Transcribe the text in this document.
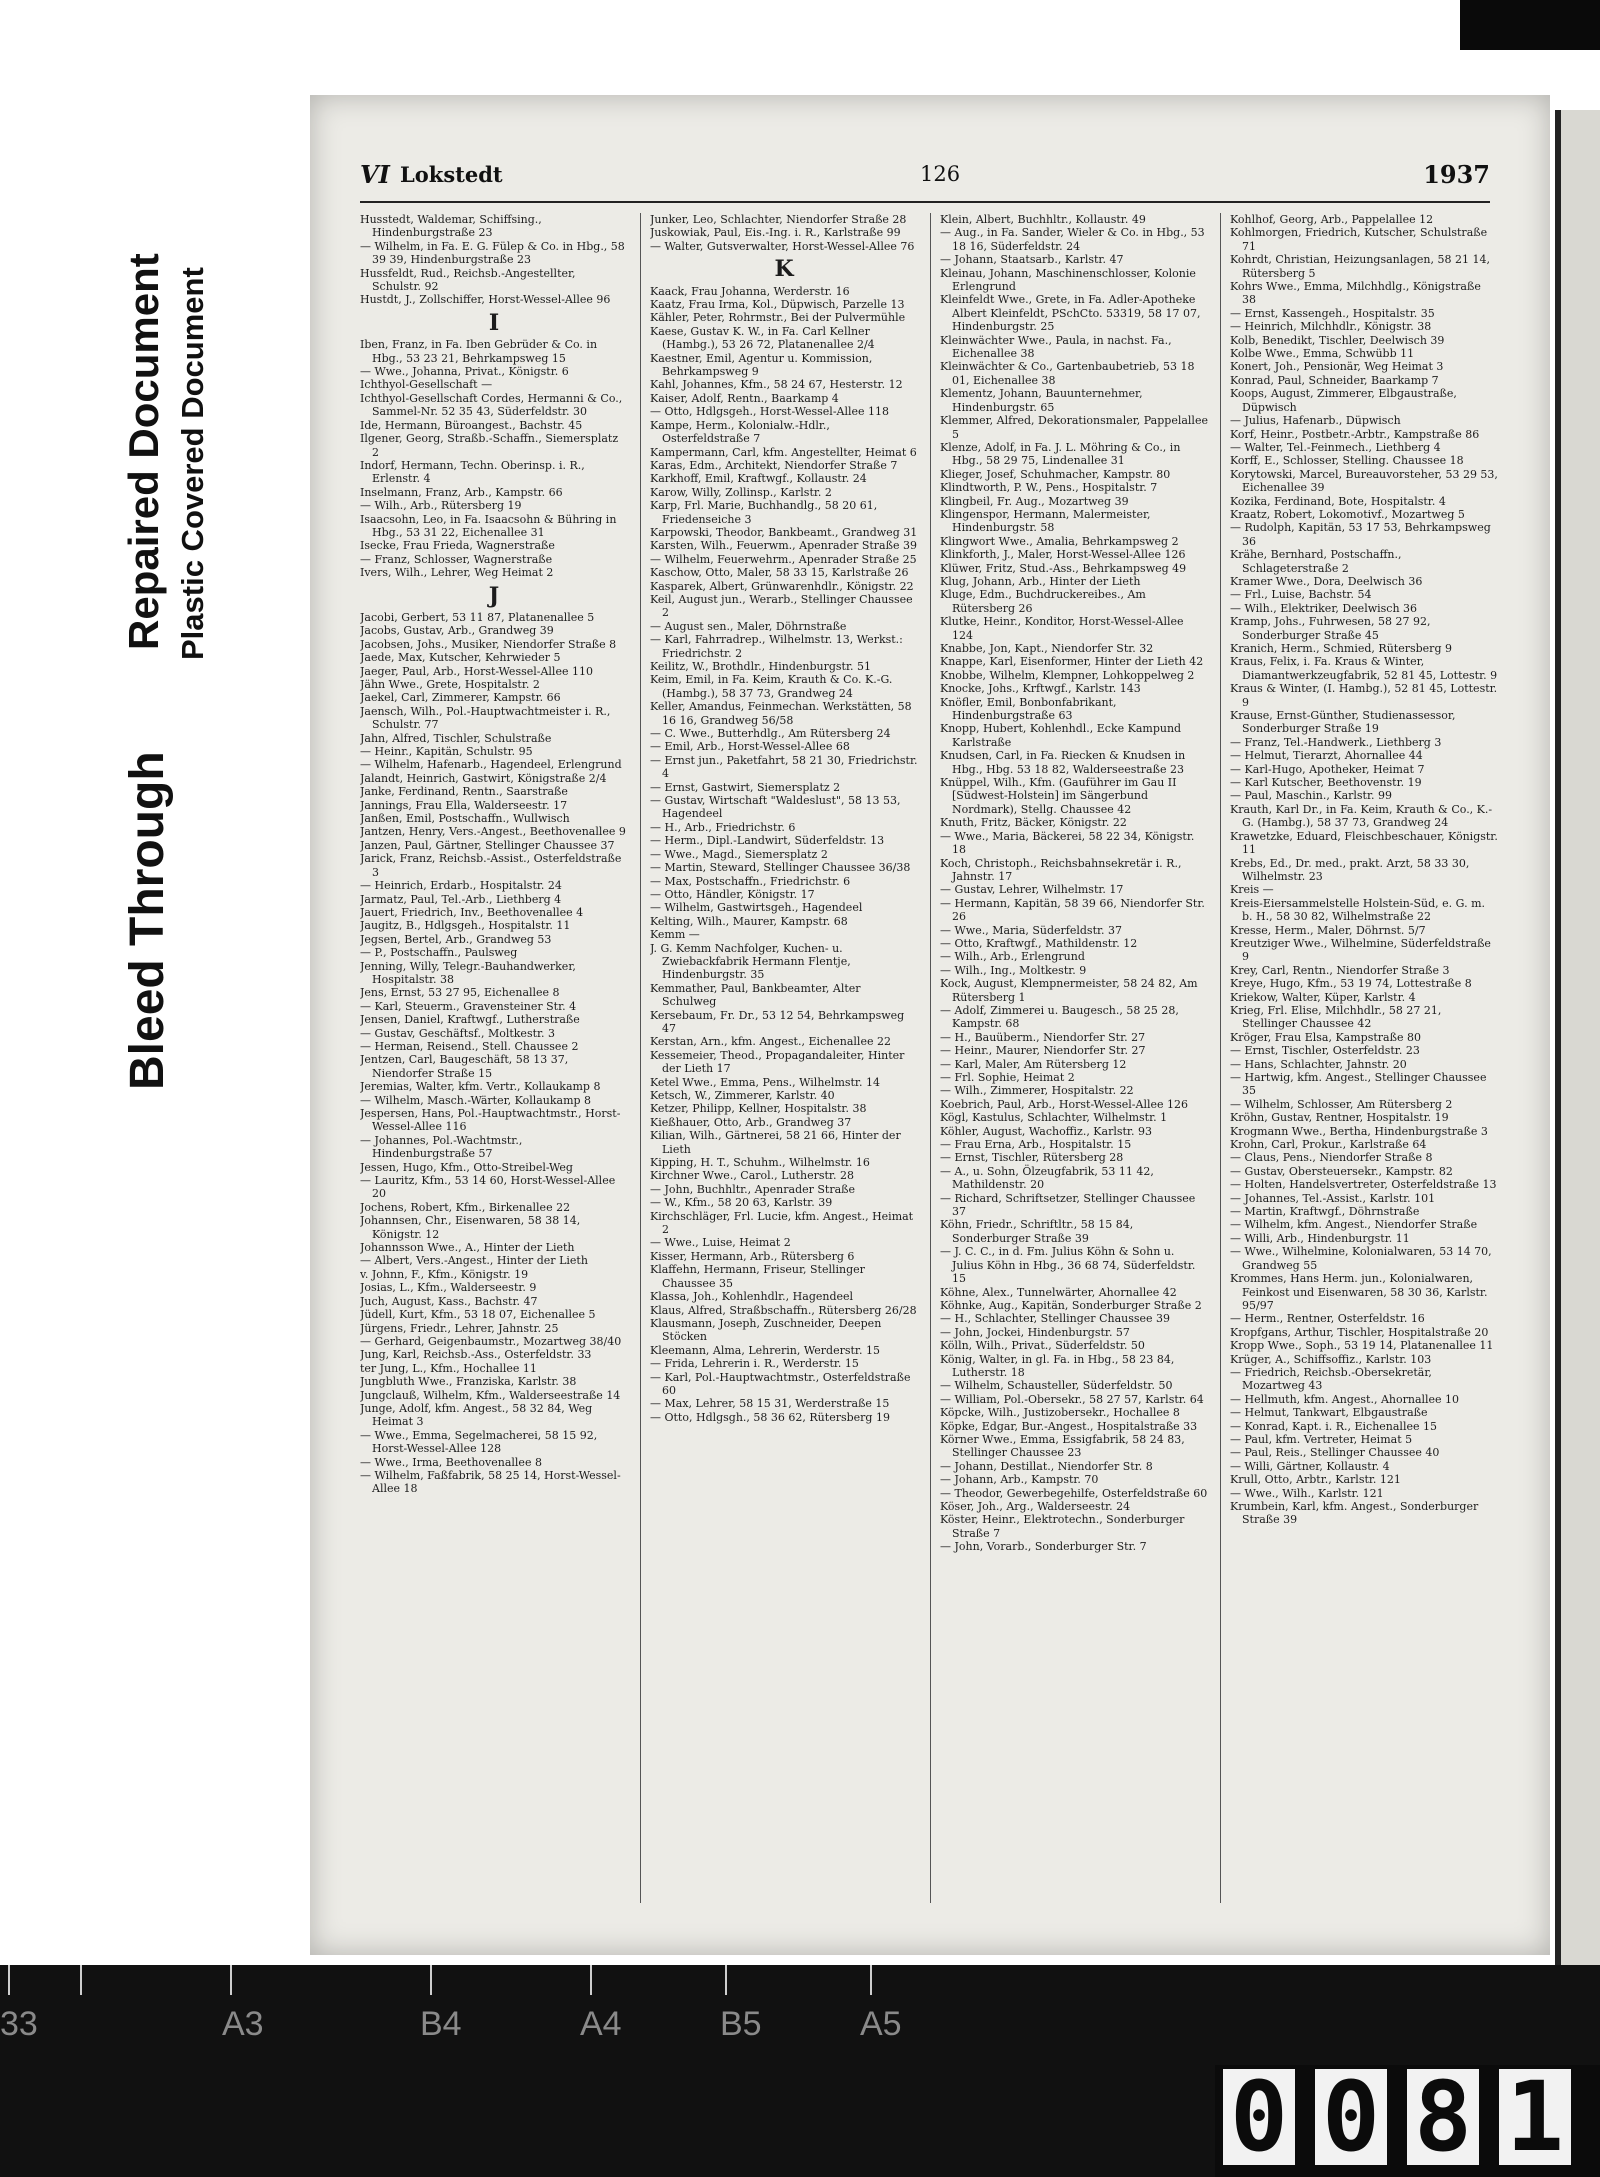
Bleed Through
Repaired Document Plastic Covered Document
VI Lokstedt	126	1937

Husstedt, Waldemar, Schiffsing., Hindenburgstraße 23

— Wilhelm, in Fa. E. G. Fülep & Co. in Hbg., 58 39 39, Hindenburgstraße 23

Hussfeldt, Rud., Reichsb.-Angestellter, Schulstr. 92

Hustdt, J., Zollschiffer, Horst-Wessel-Allee 96

I

Iben, Franz, in Fa. Iben Gebrüder & Co. in Hbg., 53 23 21, Behrkampsweg 15

— Wwe., Johanna, Privat., Königstr. 6

Ichthyol-Gesellschaft —

Ichthyol-Gesellschaft Cordes, Hermanni & Co., Sammel-Nr. 52 35 43, Süderfeldstr. 30

Ide, Hermann, Büroangest., Bachstr. 45

Ilgener, Georg, Straßb.-Schaffn., Siemersplatz 2

Indorf, Hermann, Techn. Oberinsp. i. R., Erlenstr. 4

Inselmann, Franz, Arb., Kampstr. 66

— Wilh., Arb., Rütersberg 19

Isaacsohn, Leo, in Fa. Isaacsohn & Bühring in Hbg., 53 31 22, Eichenallee 31

Isecke, Frau Frieda, Wagnerstraße

— Franz, Schlosser, Wagnerstraße

Ivers, Wilh., Lehrer, Weg Heimat 2

J

Jacobi, Gerbert, 53 11 87, Platanenallee 5

Jacobs, Gustav, Arb., Grandweg 39

Jacobsen, Johs., Musiker, Niendorfer Straße 8

Jaede, Max, Kutscher, Kehrwieder 5

Jaeger, Paul, Arb., Horst-Wessel-Allee 110

Jähn Wwe., Grete, Hospitalstr. 2

Jaekel, Carl, Zimmerer, Kampstr. 66

Jaensch, Wilh., Pol.-Hauptwachtmeister i. R., Schulstr. 77

Jahn, Alfred, Tischler, Schulstraße

— Heinr., Kapitän, Schulstr. 95

— Wilhelm, Hafenarb., Hagendeel, Erlengrund

Jalandt, Heinrich, Gastwirt, Königstraße 2/4

Janke, Ferdinand, Rentn., Saarstraße

Jannings, Frau Ella, Walderseestr. 17

Janßen, Emil, Postschaffn., Wullwisch

Jantzen, Henry, Vers.-Angest., Beethovenallee 9

Janzen, Paul, Gärtner, Stellinger Chaussee 37

Jarick, Franz, Reichsb.-Assist., Osterfeldstraße 3

— Heinrich, Erdarb., Hospitalstr. 24

Jarmatz, Paul, Tel.-Arb., Liethberg 4

Jauert, Friedrich, Inv., Beethovenallee 4

Jaugitz, B., Hdlgsgeh., Hospitalstr. 11

Jegsen, Bertel, Arb., Grandweg 53

— P., Postschaffn., Paulsweg

Jenning, Willy, Telegr.-Bauhandwerker, Hospitalstr. 38

Jens, Ernst, 53 27 95, Eichenallee 8

— Karl, Steuerm., Gravensteiner Str. 4

Jensen, Daniel, Kraftwgf., Lutherstraße

— Gustav, Geschäftsf., Moltkestr. 3

— Herman, Reisend., Stell. Chaussee 2

Jentzen, Carl, Baugeschäft, 58 13 37, Niendorfer Straße 15

Jeremias, Walter, kfm. Vertr., Kollaukamp 8

— Wilhelm, Masch.-Wärter, Kollaukamp 8

Jespersen, Hans, Pol.-Hauptwachtmstr., Horst-Wessel-Allee 116

— Johannes, Pol.-Wachtmstr., Hindenburgstraße 57

Jessen, Hugo, Kfm., Otto-Streibel-Weg

— Lauritz, Kfm., 53 14 60, Horst-Wessel-Allee 20

Jochens, Robert, Kfm., Birkenallee 22

Johannsen, Chr., Eisenwaren, 58 38 14, Königstr. 12

Johannsson Wwe., A., Hinter der Lieth

— Albert, Vers.-Angest., Hinter der Lieth

v. Johnn, F., Kfm., Königstr. 19

Josias, L., Kfm., Walderseestr. 9

Juch, August, Kass., Bachstr. 47

Jüdell, Kurt, Kfm., 53 18 07, Eichenallee 5

Jürgens, Friedr., Lehrer, Jahnstr. 25

— Gerhard, Geigenbaumstr., Mozartweg 38/40

Jung, Karl, Reichsb.-Ass., Osterfeldstr. 33

ter Jung, L., Kfm., Hochallee 11

Jungbluth Wwe., Franziska, Karlstr. 38

Jungclauß, Wilhelm, Kfm., Walderseestraße 14

Junge, Adolf, kfm. Angest., 58 32 84, Weg Heimat 3

— Wwe., Emma, Segelmacherei, 58 15 92, Horst-Wessel-Allee 128

— Wwe., Irma, Beethovenallee 8

— Wilhelm, Faßfabrik, 58 25 14, Horst-Wessel-Allee 18

Junker, Leo, Schlachter, Niendorfer Straße 28

Juskowiak, Paul, Eis.-Ing. i. R., Karlstraße 99

— Walter, Gutsverwalter, Horst-Wessel-Allee 76

K

Kaack, Frau Johanna, Werderstr. 16

Kaatz, Frau Irma, Kol., Düpwisch, Parzelle 13

Kähler, Peter, Rohrmstr., Bei der Pulvermühle

Kaese, Gustav K. W., in Fa. Carl Kellner (Hambg.), 53 26 72, Platanenallee 2/4

Kaestner, Emil, Agentur u. Kommission, Behrkampsweg 9

Kahl, Johannes, Kfm., 58 24 67, Hesterstr. 12

Kaiser, Adolf, Rentn., Baarkamp 4

— Otto, Hdlgsgeh., Horst-Wessel-Allee 118

Kampe, Herm., Kolonialw.-Hdlr., Osterfeldstraße 7

Kampermann, Carl, kfm. Angestellter, Heimat 6

Karas, Edm., Architekt, Niendorfer Straße 7

Karkhoff, Emil, Kraftwgf., Kollaustr. 24

Karow, Willy, Zollinsp., Karlstr. 2

Karp, Frl. Marie, Buchhandlg., 58 20 61, Friedenseiche 3

Karpowski, Theodor, Bankbeamt., Grandweg 31

Karsten, Wilh., Feuerwm., Apenrader Straße 39

— Wilhelm, Feuerwehrm., Apenrader Straße 25

Kaschow, Otto, Maler, 58 33 15, Karlstraße 26

Kasparek, Albert, Grünwarenhdlr., Königstr. 22

Keil, August jun., Werarb., Stellinger Chaussee 2

— August sen., Maler, Döhrnstraße

— Karl, Fahrradrep., Wilhelmstr. 13, Werkst.: Friedrichstr. 2

Keilitz, W., Brothdlr., Hindenburgstr. 51

Keim, Emil, in Fa. Keim, Krauth & Co. K.-G. (Hambg.), 58 37 73, Grandweg 24

Keller, Amandus, Feinmechan. Werkstätten, 58 16 16, Grandweg 56/58

— C. Wwe., Butterhdlg., Am Rütersberg 24

— Emil, Arb., Horst-Wessel-Allee 68

— Ernst jun., Paketfahrt, 58 21 30, Friedrichstr. 4

— Ernst, Gastwirt, Siemersplatz 2

— Gustav, Wirtschaft "Waldeslust", 58 13 53, Hagendeel

— H., Arb., Friedrichstr. 6

— Herm., Dipl.-Landwirt, Süderfeldstr. 13

— Wwe., Magd., Siemersplatz 2

— Martin, Steward, Stellinger Chaussee 36/38

— Max, Postschaffn., Friedrichstr. 6

— Otto, Händler, Königstr. 17

— Wilhelm, Gastwirtsgeh., Hagendeel

Kelting, Wilh., Maurer, Kampstr. 68

Kemm —

J. G. Kemm Nachfolger, Kuchen- u. Zwiebackfabrik Hermann Flentje, Hindenburgstr. 35

Kemmather, Paul, Bankbeamter, Alter Schulweg

Kersebaum, Fr. Dr., 53 12 54, Behrkampsweg 47

Kerstan, Arn., kfm. Angest., Eichenallee 22

Kessemeier, Theod., Propagandaleiter, Hinter der Lieth 17

Ketel Wwe., Emma, Pens., Wilhelmstr. 14

Ketsch, W., Zimmerer, Karlstr. 40

Ketzer, Philipp, Kellner, Hospitalstr. 38

Kießhauer, Otto, Arb., Grandweg 37

Kilian, Wilh., Gärtnerei, 58 21 66, Hinter der Lieth

Kipping, H. T., Schuhm., Wilhelmstr. 16

Kirchner Wwe., Carol., Lutherstr. 28

— John, Buchhltr., Apenrader Straße

— W., Kfm., 58 20 63, Karlstr. 39

Kirchschläger, Frl. Lucie, kfm. Angest., Heimat 2

— Wwe., Luise, Heimat 2

Kisser, Hermann, Arb., Rütersberg 6

Klaffehn, Hermann, Friseur, Stellinger Chaussee 35

Klassa, Joh., Kohlenhdlr., Hagendeel

Klaus, Alfred, Straßbschaffn., Rütersberg 26/28

Klausmann, Joseph, Zuschneider, Deepen Stöcken

Kleemann, Alma, Lehrerin, Werderstr. 15

— Frida, Lehrerin i. R., Werderstr. 15

— Karl, Pol.-Hauptwachtmstr., Osterfeldstraße 60

— Max, Lehrer, 58 15 31, Werderstraße 15

— Otto, Hdlgsgh., 58 36 62, Rütersberg 19

Klein, Albert, Buchhltr., Kollaustr. 49

— Aug., in Fa. Sander, Wieler & Co. in Hbg., 53 18 16, Süderfeldstr. 24

— Johann, Staatsarb., Karlstr. 47

Kleinau, Johann, Maschinenschlosser, Kolonie Erlengrund

Kleinfeldt Wwe., Grete, in Fa. Adler-Apotheke Albert Kleinfeldt, PSchCto. 53319, 58 17 07, Hindenburgstr. 25

Kleinwächter Wwe., Paula, in nachst. Fa., Eichenallee 38

Kleinwächter & Co., Gartenbaubetrieb, 53 18 01, Eichenallee 38

Klementz, Johann, Bauunternehmer, Hindenburgstr. 65

Klemmer, Alfred, Dekorationsmaler, Pappelallee 5

Klenze, Adolf, in Fa. J. L. Möhring & Co., in Hbg., 58 29 75, Lindenallee 31

Klieger, Josef, Schuhmacher, Kampstr. 80

Klindtworth, P. W., Pens., Hospitalstr. 7

Klingbeil, Fr. Aug., Mozartweg 39

Klingenspor, Hermann, Malermeister, Hindenburgstr. 58

Klingwort Wwe., Amalia, Behrkampsweg 2

Klinkforth, J., Maler, Horst-Wessel-Allee 126

Klüwer, Fritz, Stud.-Ass., Behrkampsweg 49

Klug, Johann, Arb., Hinter der Lieth

Kluge, Edm., Buchdruckereibes., Am Rütersberg 26

Klutke, Heinr., Konditor, Horst-Wessel-Allee 124

Knabbe, Jon, Kapt., Niendorfer Str. 32

Knappe, Karl, Eisenformer, Hinter der Lieth 42

Knobbe, Wilhelm, Klempner, Lohkoppelweg 2

Knocke, Johs., Krftwgf., Karlstr. 143

Knöfler, Emil, Bonbonfabrikant, Hindenburgstraße 63

Knopp, Hubert, Kohlenhdl., Ecke Kampund Karlstraße

Knudsen, Carl, in Fa. Riecken & Knudsen in Hbg., Hbg. 53 18 82, Walderseestraße 23

Knüppel, Wilh., Kfm. (Gauführer im Gau II [Südwest-Holstein] im Sängerbund Nordmark), Stellg. Chaussee 42

Knuth, Fritz, Bäcker, Königstr. 22

— Wwe., Maria, Bäckerei, 58 22 34, Königstr. 18

Koch, Christoph., Reichsbahnsekretär i. R., Jahnstr. 17

— Gustav, Lehrer, Wilhelmstr. 17

— Hermann, Kapitän, 58 39 66, Niendorfer Str. 26

— Wwe., Maria, Süderfeldstr. 37

— Otto, Kraftwgf., Mathildenstr. 12

— Wilh., Arb., Erlengrund

— Wilh., Ing., Moltkestr. 9

Kock, August, Klempnermeister, 58 24 82, Am Rütersberg 1

— Adolf, Zimmerei u. Baugesch., 58 25 28, Kampstr. 68

— H., Bauüberm., Niendorfer Str. 27

— Heinr., Maurer, Niendorfer Str. 27

— Karl, Maler, Am Rütersberg 12

— Frl. Sophie, Heimat 2

— Wilh., Zimmerer, Hospitalstr. 22

Koebrich, Paul, Arb., Horst-Wessel-Allee 126

Kögl, Kastulus, Schlachter, Wilhelmstr. 1

Köhler, August, Wachoffiz., Karlstr. 93

— Frau Erna, Arb., Hospitalstr. 15

— Ernst, Tischler, Rütersberg 28

— A., u. Sohn, Ölzeugfabrik, 53 11 42, Mathildenstr. 20

— Richard, Schriftsetzer, Stellinger Chaussee 37

Köhn, Friedr., Schriftltr., 58 15 84, Sonderburger Straße 39

— J. C. C., in d. Fm. Julius Köhn & Sohn u. Julius Köhn in Hbg., 36 68 74, Süderfeldstr. 15

Köhne, Alex., Tunnelwärter, Ahornallee 42

Köhnke, Aug., Kapitän, Sonderburger Straße 2

— H., Schlachter, Stellinger Chaussee 39

— John, Jockei, Hindenburgstr. 57

Kölln, Wilh., Privat., Süderfeldstr. 50

König, Walter, in gl. Fa. in Hbg., 58 23 84, Lutherstr. 18

— Wilhelm, Schausteller, Süderfeldstr. 50

— William, Pol.-Obersekr., 58 27 57, Karlstr. 64

Köpcke, Wilh., Justizobersekr., Hochallee 8

Köpke, Edgar, Bur.-Angest., Hospitalstraße 33

Körner Wwe., Emma, Essigfabrik, 58 24 83, Stellinger Chaussee 23

— Johann, Destillat., Niendorfer Str. 8

— Johann, Arb., Kampstr. 70

— Theodor, Gewerbegehilfe, Osterfeldstraße 60

Köser, Joh., Arg., Walderseestr. 24

Köster, Heinr., Elektrotechn., Sonderburger Straße 7

— John, Vorarb., Sonderburger Str. 7

Kohlhof, Georg, Arb., Pappelallee 12

Kohlmorgen, Friedrich, Kutscher, Schulstraße 71

Kohrdt, Christian, Heizungsanlagen, 58 21 14, Rütersberg 5

Kohrs Wwe., Emma, Milchhdlg., Königstraße 38

— Ernst, Kassengeh., Hospitalstr. 35

— Heinrich, Milchhdlr., Königstr. 38

Kolb, Benedikt, Tischler, Deelwisch 39

Kolbe Wwe., Emma, Schwübb 11

Konert, Joh., Pensionär, Weg Heimat 3

Konrad, Paul, Schneider, Baarkamp 7

Koops, August, Zimmerer, Elbgaustraße, Düpwisch

— Julius, Hafenarb., Düpwisch

Korf, Heinr., Postbetr.-Arbtr., Kampstraße 86

— Walter, Tel.-Feinmech., Liethberg 4

Korff, E., Schlosser, Stelling. Chaussee 18

Korytowski, Marcel, Bureauvorsteher, 53 29 53, Eichenallee 39

Kozika, Ferdinand, Bote, Hospitalstr. 4

Kraatz, Robert, Lokomotivf., Mozartweg 5

— Rudolph, Kapitän, 53 17 53, Behrkampsweg 36

Krähe, Bernhard, Postschaffn., Schlageterstraße 2

Kramer Wwe., Dora, Deelwisch 36

— Frl., Luise, Bachstr. 54

— Wilh., Elektriker, Deelwisch 36

Kramp, Johs., Fuhrwesen, 58 27 92, Sonderburger Straße 45

Kranich, Herm., Schmied, Rütersberg 9

Kraus, Felix, i. Fa. Kraus & Winter, Diamantwerkzeugfabrik, 52 81 45, Lottestr. 9

Kraus & Winter, (I. Hambg.), 52 81 45, Lottestr. 9

Krause, Ernst-Günther, Studienassessor, Sonderburger Straße 19

— Franz, Tel.-Handwerk., Liethberg 3

— Helmut, Tierarzt, Ahornallee 44

— Karl-Hugo, Apotheker, Heimat 7

— Karl Kutscher, Beethovenstr. 19

— Paul, Maschin., Karlstr. 99

Krauth, Karl Dr., in Fa. Keim, Krauth & Co., K.-G. (Hambg.), 58 37 73, Grandweg 24

Krawetzke, Eduard, Fleischbeschauer, Königstr. 11

Krebs, Ed., Dr. med., prakt. Arzt, 58 33 30, Wilhelmstr. 23

Kreis —

Kreis-Eiersammelstelle Holstein-Süd, e. G. m. b. H., 58 30 82, Wilhelmstraße 22

Kresse, Herm., Maler, Döhrnst. 5/7

Kreutziger Wwe., Wilhelmine, Süderfeldstraße 9

Krey, Carl, Rentn., Niendorfer Straße 3

Kreye, Hugo, Kfm., 53 19 74, Lottestraße 8

Kriekow, Walter, Küper, Karlstr. 4

Krieg, Frl. Elise, Milchhdlr., 58 27 21, Stellinger Chaussee 42

Kröger, Frau Elsa, Kampstraße 80

— Ernst, Tischler, Osterfeldstr. 23

— Hans, Schlachter, Jahnstr. 20

— Hartwig, kfm. Angest., Stellinger Chaussee 35

— Wilhelm, Schlosser, Am Rütersberg 2

Kröhn, Gustav, Rentner, Hospitalstr. 19

Krogmann Wwe., Bertha, Hindenburgstraße 3

Krohn, Carl, Prokur., Karlstraße 64

— Claus, Pens., Niendorfer Straße 8

— Gustav, Obersteuersekr., Kampstr. 82

— Holten, Handelsvertreter, Osterfeldstraße 13

— Johannes, Tel.-Assist., Karlstr. 101

— Martin, Kraftwgf., Döhrnstraße

— Wilhelm, kfm. Angest., Niendorfer Straße

— Willi, Arb., Hindenburgstr. 11

— Wwe., Wilhelmine, Kolonialwaren, 53 14 70, Grandweg 55

Krommes, Hans Herm. jun., Kolonialwaren, Feinkost und Eisenwaren, 58 30 36, Karlstr. 95/97

— Herm., Rentner, Osterfeldstr. 16

Kropfgans, Arthur, Tischler, Hospitalstraße 20

Kropp Wwe., Soph., 53 19 14, Platanenallee 11

Krüger, A., Schiffsoffiz., Karlstr. 103

— Friedrich, Reichsb.-Obersekretär, Mozartweg 43

— Hellmuth, kfm. Angest., Ahornallee 10

— Helmut, Tankwart, Elbgaustraße

— Konrad, Kapt. i. R., Eichenallee 15

— Paul, kfm. Vertreter, Heimat 5

— Paul, Reis., Stellinger Chaussee 40

— Willi, Gärtner, Kollaustr. 4

Krull, Otto, Arbtr., Karlstr. 121

— Wwe., Wilh., Karlstr. 121

Krumbein, Karl, kfm. Angest., Sonderburger Straße 39

33	A3	B4	A4	B5	A5
0 0 8 1
